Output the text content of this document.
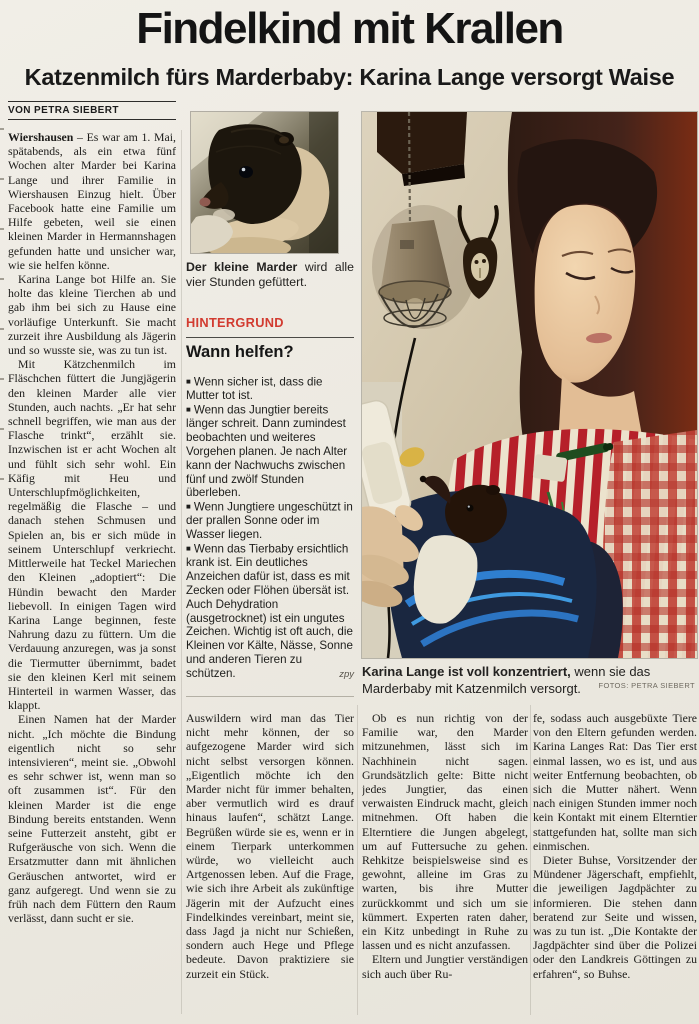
Findelkind mit Krallen
Katzenmilch fürs Marderbaby: Karina Lange versorgt Waise
VON PETRA SIEBERT

Wiershausen – Es war am 1. Mai, spätabends, als ein etwa fünf Wochen alter Marder bei Karina Lange und ihrer Familie in Wiershausen Einzug hielt. Über Facebook hatte eine Familie um Hilfe gebeten, weil sie einen kleinen Marder in Hermannshagen gefunden hatte und unsicher war, wie sie helfen könne.

Karina Lange bot Hilfe an. Sie holte das kleine Tierchen ab und gab ihm bei sich zu Hause eine vorläufige Unterkunft. Sie macht zurzeit ihre Ausbildung als Jägerin und so wusste sie, was zu tun ist.

Mit Kätzchenmilch im Fläschchen füttert die Jungjägerin den kleinen Marder alle vier Stunden, auch nachts. „Er hat sehr schnell begriffen, wie man aus der Flasche trinkt“, erzählt sie. Inzwischen ist er acht Wochen alt und fühlt sich sehr wohl. Ein Käfig mit Heu und Unterschlupfmöglichkeiten, regelmäßig die Flasche – und danach stehen Schmusen und Spielen an, bis er sich müde in seinem Unterschlupf verkriecht. Mittlerweile hat Teckel Mariechen den Kleinen „adoptiert“: Die Hündin bewacht den Marder liebevoll. In einigen Tagen wird Karina Lange beginnen, feste Nahrung dazu zu füttern. Um die Verdauung anzuregen, was ja sonst die Tiermutter übernimmt, badet sie den kleinen Kerl mit seinem Hinterteil in warmen Wasser, das klappt.

Einen Namen hat der Marder nicht. „Ich möchte die Bindung eigentlich nicht so sehr intensivieren“, meint sie. „Obwohl es sehr schwer ist, wenn man so oft zusammen ist“. Für den kleinen Marder ist die enge Bindung bereits entstanden. Wenn seine Futterzeit ansteht, gibt er Rufgeräusche von sich. Wenn die Ersatzmutter dann mit ähnlichen Geräuschen antwortet, wird er ganz aufgeregt. Und wenn sie zu früh nach dem Füttern den Raum verlässt, dann sucht er sie.

Der kleine Marder wird alle vier Stunden gefüttert.

HINTERGRUND

Wann helfen?

■ Wenn sicher ist, dass die Mutter tot ist.

■ Wenn das Jungtier bereits länger schreit. Dann zumindest beobachten und weiteres Vorgehen planen. Je nach Alter kann der Nachwuchs zwischen fünf und zwölf Stunden überleben.

■ Wenn Jungtiere ungeschützt in der prallen Sonne oder im Wasser liegen.

■ Wenn das Tierbaby ersichtlich krank ist. Ein deutliches Anzeichen dafür ist, dass es mit Zecken oder Flöhen übersät ist. Auch Dehydration (ausgetrocknet) ist ein ungutes Zeichen. Wichtig ist oft auch, die Kleinen vor Kälte, Nässe, Sonne und anderen Tieren zu schützen.	zpy Karina Lange ist voll konzentriert, wenn sie das Marderbaby mit Katzenmilch versorgt. FOTOS: PETRA SIEBERT

Auswildern wird man das Tier nicht mehr können, der so aufgezogene Marder wird sich nicht selbst versorgen können. „Eigentlich möchte ich den Marder nicht für immer behalten, aber vermutlich wird es drauf hinaus laufen“, schätzt Lange. Begrüßen würde sie es, wenn er in einem Tierpark unterkommen würde, wo vielleicht auch Artgenossen leben. Auf die Frage, wie sich ihre Arbeit als zukünftige Jägerin mit der Aufzucht eines Findelkindes vereinbart, meint sie, dass Jagd ja nicht nur Schießen, sondern auch Hege und Pflege bedeute. Davon praktiziere sie zurzeit ein Stück.

Ob es nun richtig von der Familie war, den Marder mitzunehmen, lässt sich im Nachhinein nicht sagen. Grundsätzlich gelte: Bitte nicht jedes Jungtier, das einen verwaisten Eindruck macht, gleich mitnehmen. Oft haben die Elterntiere die Jungen abgelegt, um auf Futtersuche zu gehen. Rehkitze beispielsweise sind es gewohnt, alleine im Gras zu warten, bis ihre Mutter zurückkommt und sich um sie kümmert. Experten raten daher, ein Kitz unbedingt in Ruhe zu lassen und es nicht anzufassen.

Eltern und Jungtier verständigen sich auch über Ru-

fe, sodass auch ausgebüxte Tiere von den Eltern gefunden werden. Karina Langes Rat: Das Tier erst einmal lassen, wo es ist, und aus weiter Entfernung beobachten, ob sich die Mutter nähert. Wenn nach einigen Stunden immer noch kein Kontakt mit einem Elterntier stattgefunden hat, sollte man sich einmischen.

Dieter Buhse, Vorsitzender der Mündener Jägerschaft, empfiehlt, die jeweiligen Jagdpächter zu informieren. Die stehen dann beratend zur Seite und wissen, was zu tun ist. „Die Kontakte der Jagdpächter sind über die Polizei oder den Landkreis Göttingen zu erfahren“, so Buhse.
